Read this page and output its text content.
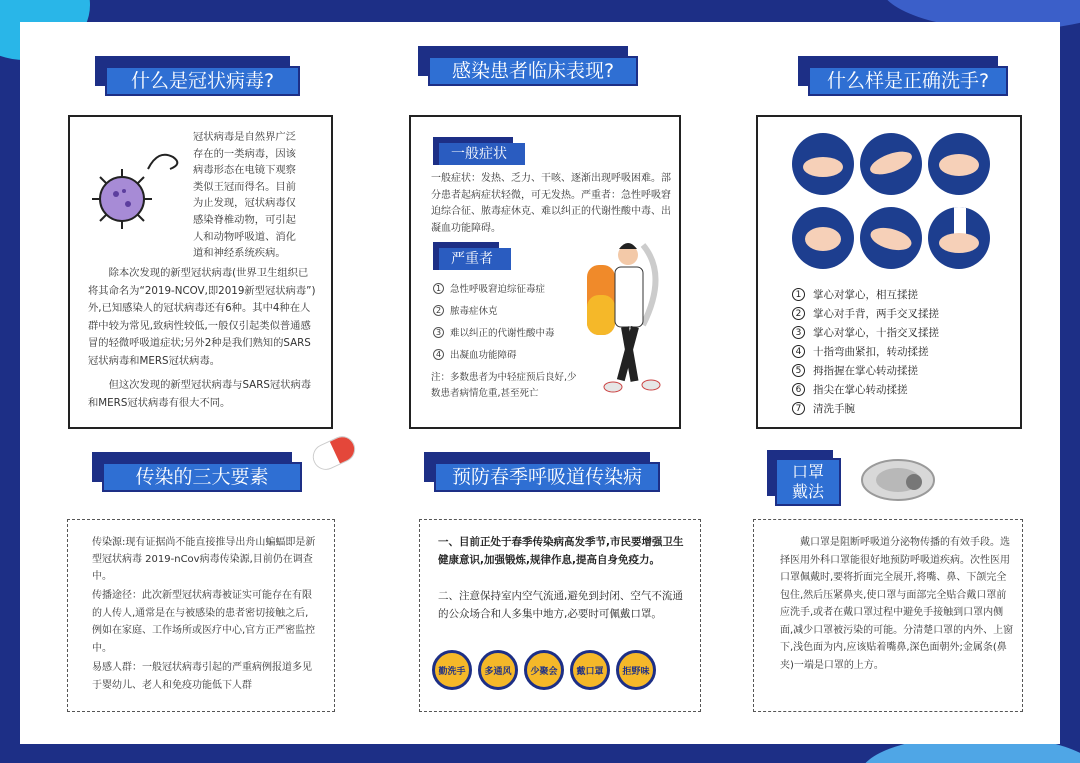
什么是冠状病毒?

冠状病毒是自然界广泛

存在的一类病毒，因该

病毒形态在电镜下观察

类似王冠而得名。目前

为止发现，冠状病毒仅

感染脊椎动物，可引起

人和动物呼吸道、消化

道和神经系统疾病。

除本次发现的新型冠状病毒(世界卫生组织已将其命名为“2019-NCOV,即2019新型冠状病毒”)外,已知感染人的冠状病毒还有6种。其中4种在人群中较为常见,致病性较低,一般仅引起类似普通感冒的轻微呼吸道症状;另外2种是我们熟知的SARS冠状病毒和MERS冠状病毒。

但这次发现的新型冠状病毒与SARS冠状病毒和MERS冠状病毒有很大不同。

感染患者临床表现?
一般症状

一般症状：发热、乏力、干咳、逐渐出现呼吸困难。部分患者起病症状轻微，可无发热。严重者：急性呼吸窘迫综合征、脓毒症休克、难以纠正的代谢性酸中毒、出凝血功能障碍。

严重者
1 急性呼吸窘迫综征毒症
2 脓毒症休克
3 难以纠正的代谢性酸中毒
4 出凝血功能障碍

注：多数患者为中轻症预后良好,少数患者病情危重,甚至死亡

什么样是正确洗手?
1	掌心对掌心，相互揉搓
2	掌心对手背，两手交叉揉搓
3	掌心对掌心，十指交叉揉搓
4	十指弯曲紧扣，转动揉搓
5	拇指握在掌心转动揉搓
6	指尖在掌心转动揉搓
7	清洗手腕
传染的三大要素

传染源:现有证据尚不能直接推导出舟山蝙蝠即是新型冠状病毒 2019-nCov病毒传染源,目前仍在调查中。

传播途径：此次新型冠状病毒被证实可能存在有限的人传人,通常是在与被感染的患者密切接触之后,例如在家庭、工作场所或医疗中心,官方正严密监控中。

易感人群：一般冠状病毒引起的严重病例报道多见于婴幼儿、老人和免疫功能低下人群

预防春季呼吸道传染病

一、目前正处于春季传染病高发季节,市民要增强卫生健康意识,加强锻炼,规律作息,提高自身免疫力。

二、注意保持室内空气流通,避免到封闭、空气不流通的公众场合和人多集中地方,必要时可佩戴口罩。

勤洗手	多通风	少聚会	戴口罩	拒野味
口罩
戴法

戴口罩是阻断呼吸道分泌物传播的有效手段。选择医用外科口罩能很好地预防呼吸道疾病。次性医用口罩佩戴时,要将折面完全展开,将嘴、鼻、下颌完全包住,然后压紧鼻夹,使口罩与面部完全贴合戴口罩前应洗手,或者在戴口罩过程中避免手接触到口罩内侧面,减少口罩被污染的可能。分清楚口罩的内外、上窗下,浅色面为内,应该贴着嘴鼻,深色面朝外;金属条(鼻夹)一端是口罩的上方。
